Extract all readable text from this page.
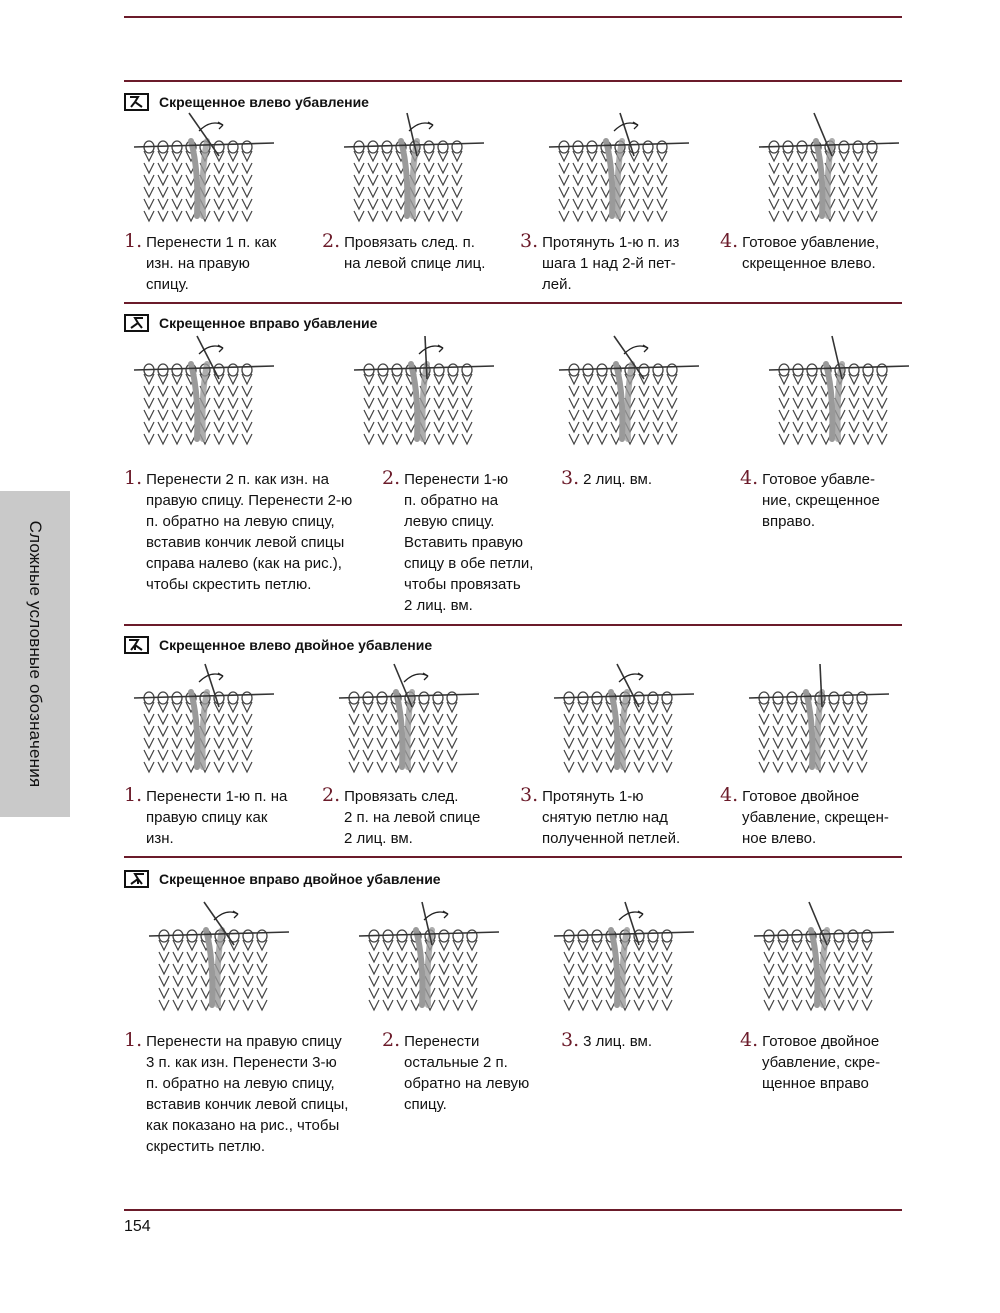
Сложные условные обозначения
Скрещенное влево убавление
1. Перенести 1 п. как
изн. на правую
спицу.
2. Провязать след. п.
на левой спице лиц.
3. Протянуть 1-ю п. из
шага 1 над 2-й пет-
лей.
4. Готовое убавление,
скрещенное влево.
Скрещенное вправо убавление
1. Перенести 2 п. как изн. на
правую спицу. Перенести 2-ю
п. обратно на левую спицу,
вставив кончик левой спицы
справа налево (как на рис.),
чтобы скрестить петлю.
2. Перенести 1-ю
п. обратно на
левую спицу.
Вставить правую
спицу в обе петли,
чтобы провязать
2 лиц. вм.
3. 2 лиц. вм.	4. Готовое убавле-
ние, скрещенное
вправо.
Скрещенное влево двойное убавление
1. Перенести 1-ю п. на
правую спицу как
изн.
2. Провязать след.
2 п. на левой спице
2 лиц. вм.
3. Протянуть 1-ю
снятую петлю над
полученной петлей.
4. Готовое двойное
убавление, скрещен-
ное влево.
Скрещенное вправо двойное убавление
1. Перенести на правую спицу
3 п. как изн. Перенести 3-ю
п. обратно на левую спицу,
вставив кончик левой спицы,
как показано на рис., чтобы
скрестить петлю.
2. Перенести
остальные 2 п.
обратно на левую
спицу.
3. 3 лиц. вм.	4. Готовое двойное
убавление, скре-
щенное вправо
154
